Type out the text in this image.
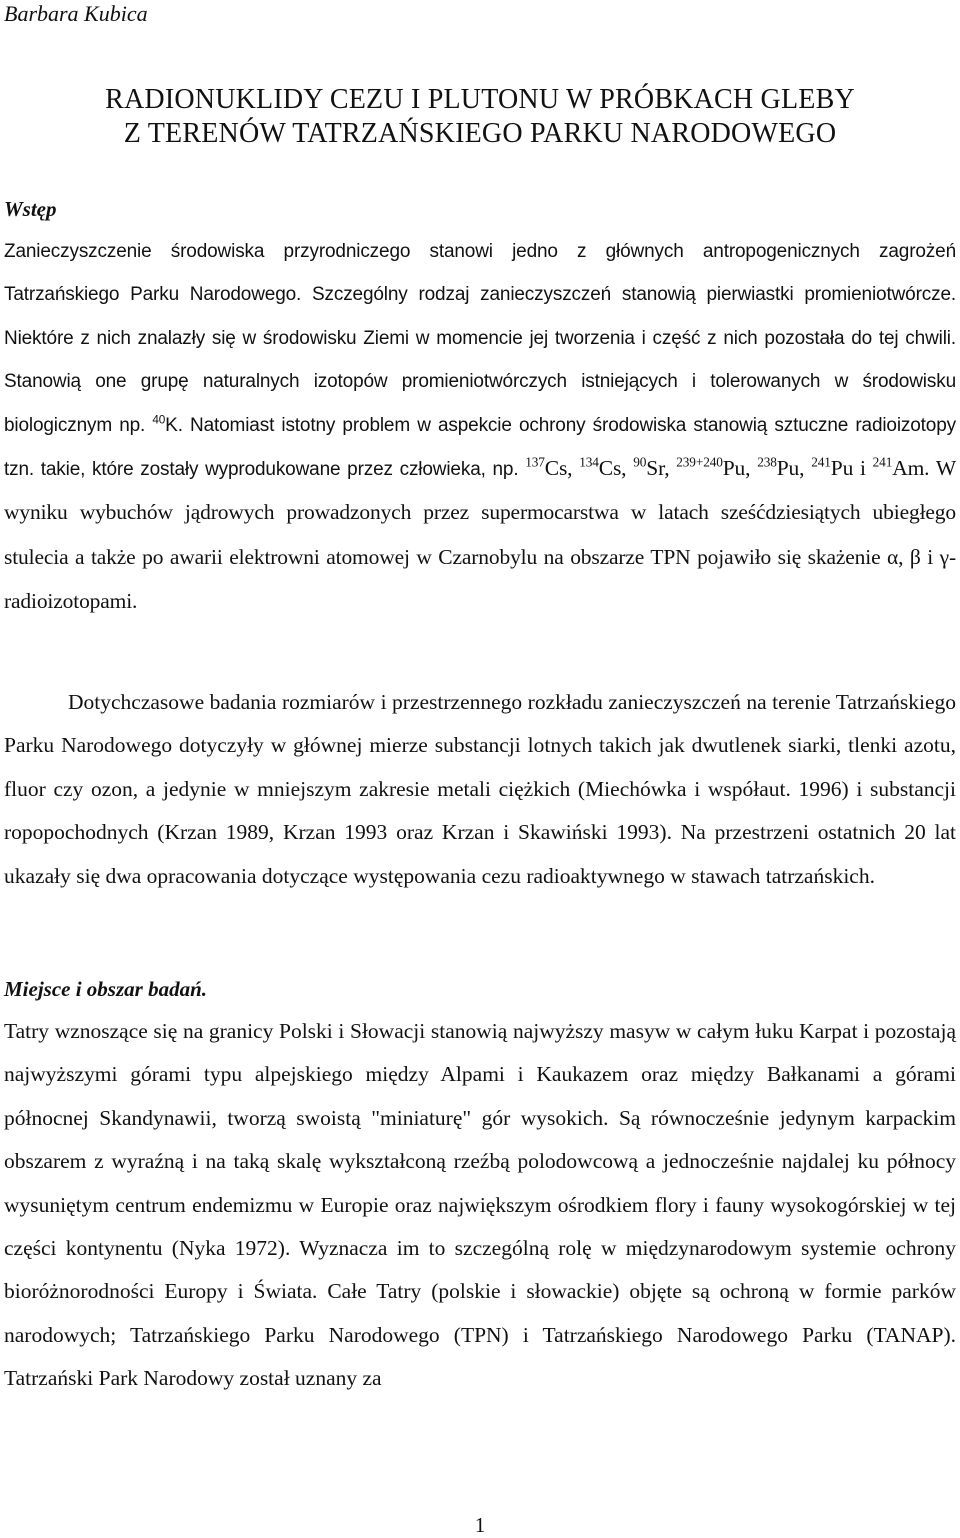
Barbara Kubica
RADIONUKLIDY CEZU I PLUTONU W PRÓBKACH GLEBY
Z TERENÓW TATRZAŃSKIEGO PARKU NARODOWEGO
Wstęp
Zanieczyszczenie środowiska przyrodniczego stanowi jedno z głównych antropogenicznych zagrożeń Tatrzańskiego Parku Narodowego. Szczególny rodzaj zanieczyszczeń stanowią pierwiastki promieniotwórcze. Niektóre z nich znalazły się w środowisku Ziemi w momencie jej tworzenia i część z nich pozostała do tej chwili. Stanowią one grupę naturalnych izotopów promieniotwórczych istniejących i tolerowanych w środowisku biologicznym np. $^{40}$K. Natomiast istotny problem w aspekcie ochrony środowiska stanowią sztuczne radioizotopy tzn. takie, które zostały wyprodukowane przez człowieka, np. $^{137}$Cs, $^{134}$Cs, $^{90}$Sr, $^{239+240}$Pu, $^{238}$Pu, $^{241}$Pu i $^{241}$Am. W wyniku wybuchów jądrowych prowadzonych przez supermocarstwa w latach sześćdziesiątych ubiegłego stulecia a także po awarii elektrowni atomowej w Czarnobylu na obszarze TPN pojawiło się skażenie α, β i γ-radioizotopami.
Dotychczasowe badania rozmiarów i przestrzennego rozkładu zanieczyszczeń na terenie Tatrzańskiego Parku Narodowego dotyczyły w głównej mierze substancji lotnych takich jak dwutlenek siarki, tlenki azotu, fluor czy ozon, a jedynie w mniejszym zakresie metali ciężkich (Miechówka i współaut. 1996) i substancji ropopochodnych (Krzan 1989, Krzan 1993 oraz Krzan i Skawiński 1993). Na przestrzeni ostatnich 20 lat ukazały się dwa opracowania dotyczące występowania cezu radioaktywnego w stawach tatrzańskich.
Miejsce i obszar badań.
Tatry wznoszące się na granicy Polski i Słowacji stanowią najwyższy masyw w całym łuku Karpat i pozostają najwyższymi górami typu alpejskiego między Alpami i Kaukazem oraz między Bałkanami a górami północnej Skandynawii, tworzą swoistą "miniaturę" gór wysokich. Są równocześnie jedynym karpackim obszarem z wyraźną i na taką skalę wykształconą rzeźbą polodowcową a jednocześnie najdalej ku północy wysuniętym centrum endemizmu w Europie oraz największym ośrodkiem flory i fauny wysokogórskiej w tej części kontynentu (Nyka 1972). Wyznacza im to szczególną rolę w międzynarodowym systemie ochrony bioróżnorodności Europy i Świata. Całe Tatry (polskie i słowackie) objęte są ochroną w formie parków narodowych; Tatrzańskiego Parku Narodowego (TPN) i Tatrzańskiego Narodowego Parku (TANAP). Tatrzański Park Narodowy został uznany za
1
